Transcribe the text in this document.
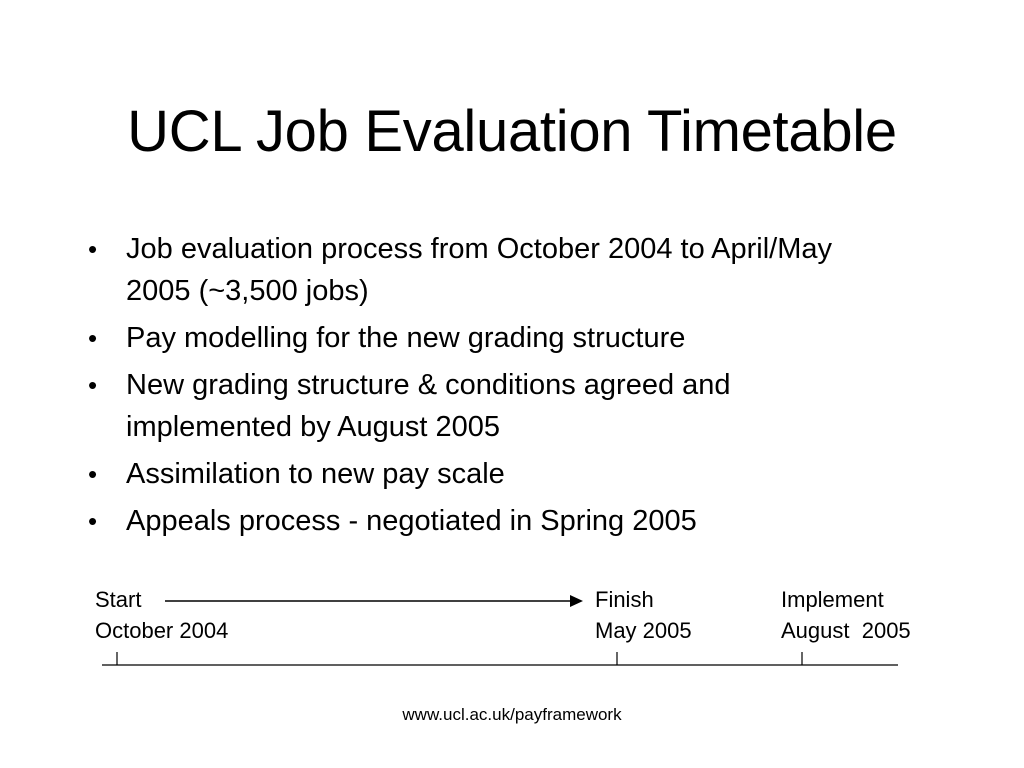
UCL Job Evaluation Timetable
• Job evaluation process from October 2004 to April/May 2005 (~3,500 jobs)
• Pay modelling for the new grading structure
• New grading structure & conditions agreed and implemented by August 2005
• Assimilation to new pay scale
• Appeals process - negotiated in Spring 2005
Start
October 2004
Finish
May 2005
Implement
August  2005
www.ucl.ac.uk/payframework
